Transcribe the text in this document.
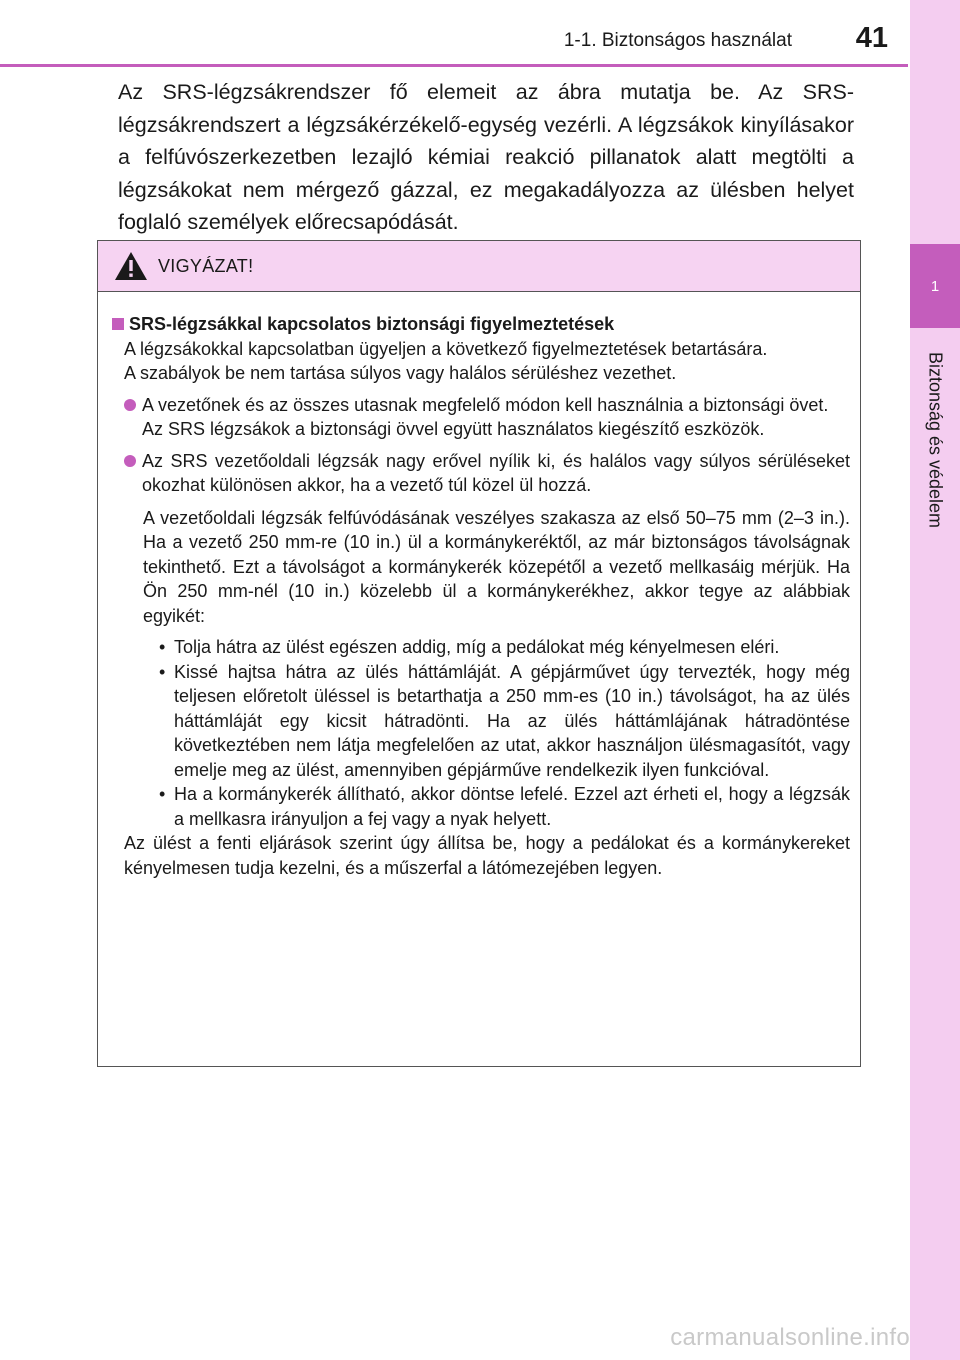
1-1. Biztonságos használat 41
1
Biztonság és védelem

Az SRS-légzsákrendszer fő elemeit az ábra mutatja be. Az SRS-légzsákrendszert a légzsákérzékelő-egység vezérli. A légzsákok kinyílásakor a felfúvószerkezetben lezajló kémiai reakció pillanatok alatt megtölti a légzsákokat nem mérgező gázzal, ez megakadályozza az ülésben helyet foglaló személyek előrecsapódását.

VIGYÁZAT!
SRS-légzsákkal kapcsolatos biztonsági figyelmeztetések

A légzsákokkal kapcsolatban ügyeljen a következő figyelmeztetések betartására.

A szabályok be nem tartása súlyos vagy halálos sérüléshez vezethet.

A vezetőnek és az összes utasnak megfelelő módon kell használnia a biztonsági övet.

Az SRS légzsákok a biztonsági övvel együtt használatos kiegészítő eszközök.

Az SRS vezetőoldali légzsák nagy erővel nyílik ki, és halálos vagy súlyos sérüléseket okozhat különösen akkor, ha a vezető túl közel ül hozzá.

A vezetőoldali légzsák felfúvódásának veszélyes szakasza az első 50–75 mm (2–3 in.). Ha a vezető 250 mm-re (10 in.) ül a kormánykeréktől, az már biztonságos távolságnak tekinthető. Ezt a távolságot a kormánykerék közepétől a vezető mellkasáig mérjük. Ha Ön 250 mm-nél (10 in.) közelebb ül a kormánykerékhez, akkor tegye az alábbiak egyikét:

• Tolja hátra az ülést egészen addig, míg a pedálokat még kényelmesen eléri.

• Kissé hajtsa hátra az ülés háttámláját. A gépjárművet úgy tervezték, hogy még teljesen előretolt üléssel is betarthatja a 250 mm-es (10 in.) távolságot, ha az ülés háttámláját egy kicsit hátradönti. Ha az ülés háttámlájának hátradöntése következtében nem látja megfelelően az utat, akkor használjon ülésmagasítót, vagy emelje meg az ülést, amennyiben gépjárműve rendelkezik ilyen funkcióval.

• Ha a kormánykerék állítható, akkor döntse lefelé. Ezzel azt érheti el, hogy a légzsák a mellkasra irányuljon a fej vagy a nyak helyett.

Az ülést a fenti eljárások szerint úgy állítsa be, hogy a pedálokat és a kormánykereket kényelmesen tudja kezelni, és a műszerfal a látómezejében legyen.

carmanualsonline.info
